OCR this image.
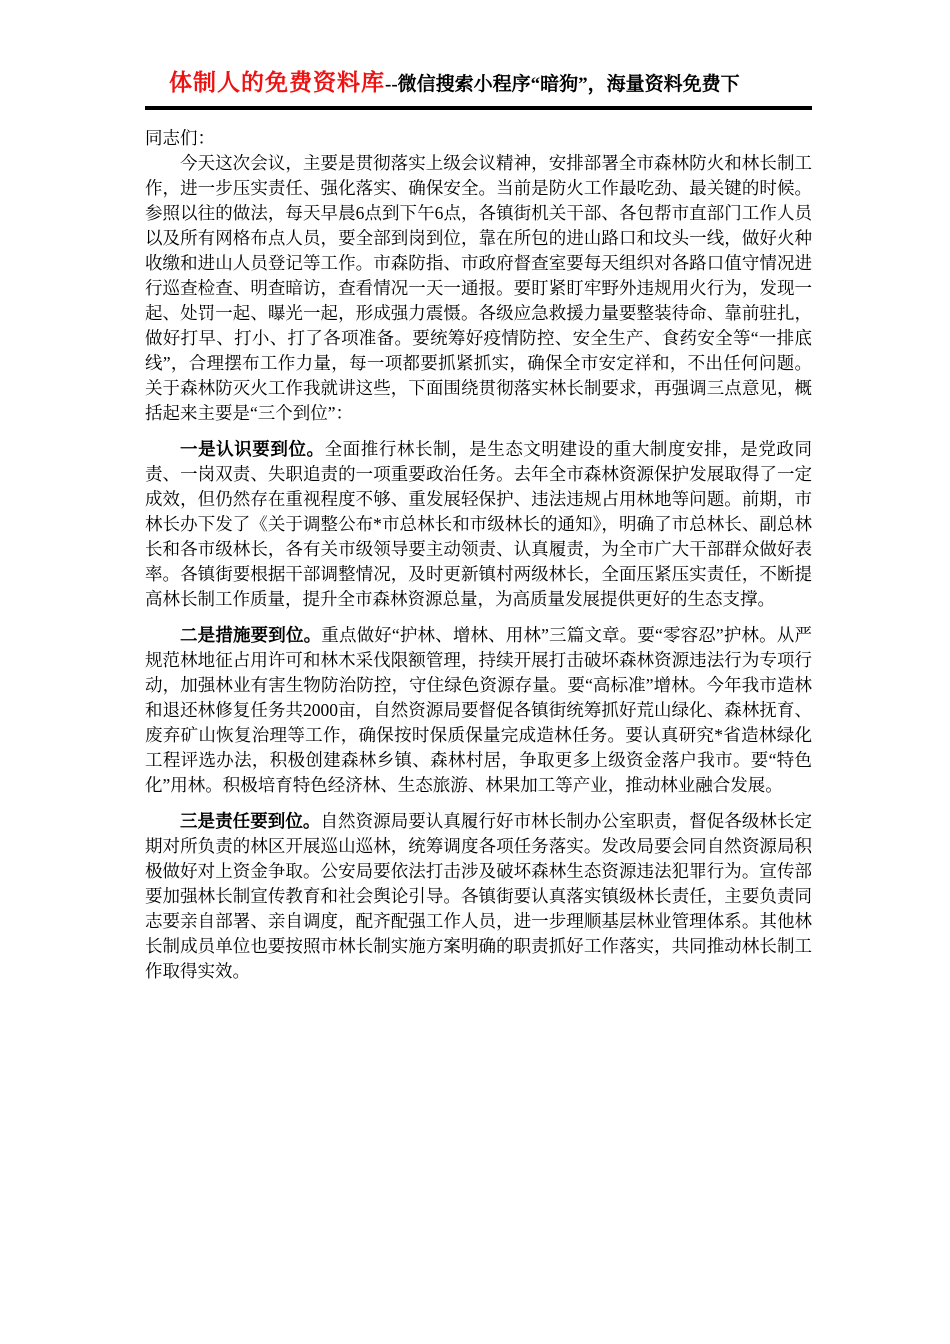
体制人的免费资料库--微信搜索小程序“暗狗”，海量资料免费下

同志们：

今天这次会议，主要是贯彻落实上级会议精神，安排部署全市森林防火和林长制工作，进一步压实责任、强化落实、确保安全。当前是防火工作最吃劲、最关键的时候。参照以往的做法，每天早晨6点到下午6点，各镇街机关干部、各包帮市直部门工作人员以及所有网格布点人员，要全部到岗到位，靠在所包的进山路口和坟头一线，做好火种收缴和进山人员登记等工作。市森防指、市政府督查室要每天组织对各路口值守情况进行巡查检查、明查暗访，查看情况一天一通报。要盯紧盯牢野外违规用火行为，发现一起、处罚一起、曝光一起，形成强力震慑。各级应急救援力量要整装待命、靠前驻扎，做好打早、打小、打了各项准备。要统筹好疫情防控、安全生产、食药安全等“一排底线”，合理摆布工作力量，每一项都要抓紧抓实，确保全市安定祥和，不出任何问题。关于森林防灭火工作我就讲这些，下面围绕贯彻落实林长制要求，再强调三点意见，概括起来主要是“三个到位”：

一是认识要到位。全面推行林长制，是生态文明建设的重大制度安排，是党政同责、一岗双责、失职追责的一项重要政治任务。去年全市森林资源保护发展取得了一定成效，但仍然存在重视程度不够、重发展轻保护、违法违规占用林地等问题。前期，市林长办下发了《关于调整公布*市总林长和市级林长的通知》，明确了市总林长、副总林长和各市级林长，各有关市级领导要主动领责、认真履责，为全市广大干部群众做好表率。各镇街要根据干部调整情况，及时更新镇村两级林长，全面压紧压实责任，不断提高林长制工作质量，提升全市森林资源总量，为高质量发展提供更好的生态支撑。

二是措施要到位。重点做好“护林、增林、用林”三篇文章。要“零容忍”护林。从严规范林地征占用许可和林木采伐限额管理，持续开展打击破坏森林资源违法行为专项行动，加强林业有害生物防治防控，守住绿色资源存量。要“高标准”增林。今年我市造林和退还林修复任务共2000亩，自然资源局要督促各镇街统筹抓好荒山绿化、森林抚育、废弃矿山恢复治理等工作，确保按时保质保量完成造林任务。要认真研究*省造林绿化工程评选办法，积极创建森林乡镇、森林村居，争取更多上级资金落户我市。要“特色化”用林。积极培育特色经济林、生态旅游、林果加工等产业，推动林业融合发展。

三是责任要到位。自然资源局要认真履行好市林长制办公室职责，督促各级林长定期对所负责的林区开展巡山巡林，统筹调度各项任务落实。发改局要会同自然资源局积极做好对上资金争取。公安局要依法打击涉及破坏森林生态资源违法犯罪行为。宣传部要加强林长制宣传教育和社会舆论引导。各镇街要认真落实镇级林长责任，主要负责同志要亲自部署、亲自调度，配齐配强工作人员，进一步理顺基层林业管理体系。其他林长制成员单位也要按照市林长制实施方案明确的职责抓好工作落实，共同推动林长制工作取得实效。
